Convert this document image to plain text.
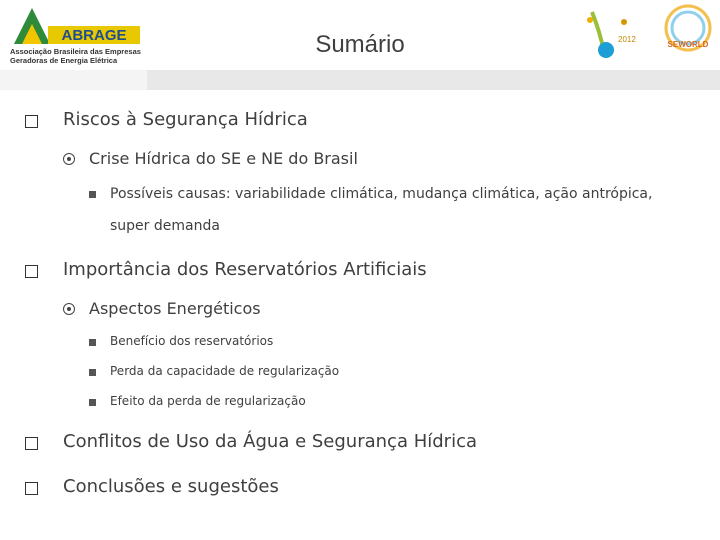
ABRAGE
Associação Brasileira das Empresas
Geradoras de Energia Elétrica
2012
SEWORLD
Sumário
Riscos à Segurança Hídrica
Crise Hídrica do SE e NE do Brasil
Possíveis causas: variabilidade climática, mudança climática, ação antrópica,
super demanda
Importância dos Reservatórios Artificiais
Aspectos Energéticos
Benefício dos reservatórios
Perda da capacidade de regularização
Efeito da perda de regularização
Conflitos de Uso da Água e Segurança Hídrica
Conclusões e sugestões
